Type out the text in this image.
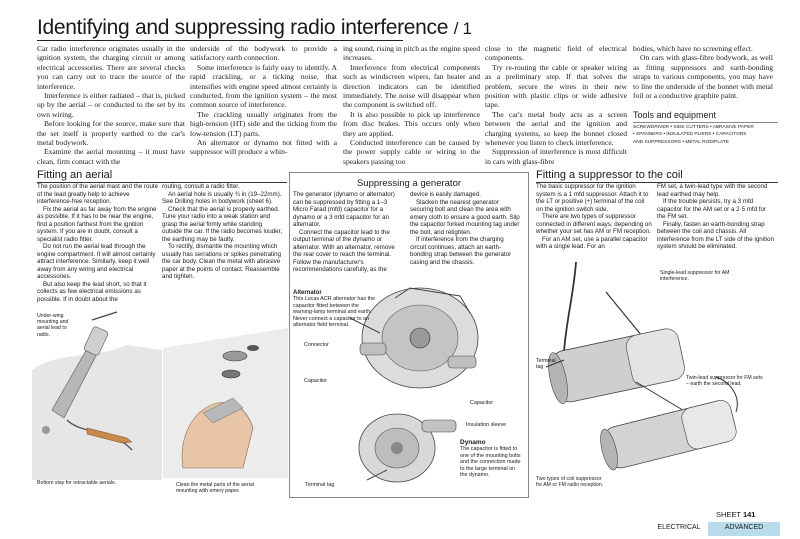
Identifying and suppressing radio interference / 1

Car radio interference originates usually in the ignition system, the charging circuit or among electrical accessories. There are several checks you can carry out to trace the source of the interference.

Interference is either radiated – that is, picked up by the aerial – or conducted to the set by its own wiring.

Before looking for the source, make sure that the set itself is properly earthed to the car's metal bodywork.

Examine the aerial mounting – it must have clean, firm contact with the

underside of the bodywork to provide a satisfactory earth connection.

Some interference is fairly easy to identify. A rapid crackling, or a ticking noise, that intensifies with engine speed almost certainly is conducted, from the ignition system – the most common source of interference.

The crackling usually originates from the high-tension (HT) side and the ticking from the low-tension (LT) parts.

An alternator or dynamo not fitted with a suppressor will produce a whin-

ing sound, rising in pitch as the engine speed increases.

Interference from electrical components such as windscreen wipers, fan heater and direction indicators can be identified immediately. The noise will disappear when the component is switched off.

It is also possible to pick up interference from disc brakes. This occurs only when they are applied.

Conducted interference can be caused by the power supply cable or wiring to the speakers passing too

close to the magnetic field of electrical components.

Try re-routing the cable or speaker wiring as a preliminary step. If that solves the problem, secure the wires in their new position with plastic clips or wide adhesive tape.

The car's metal body acts as a screen between the aerial and the ignition and charging systems, so keep the bonnet closed whenever you listen to check interference.

Suppression of interference is most difficult in cars with glass-fibre

bodies, which have no screening effect.

On cars with glass-fibre bodywork, as well as fitting suppressors and earth-bonding straps to various components, you may have to line the underside of the bonnet with metal foil or a conductive graphite paint.

Tools and equipment
SCREWDRIVER • SIDE CUTTERS • ABRASIVE PAPER
• SPANNERS • INSULATED PLIERS • CAPACITORS
AND SUPPRESSORS • METAL ROD/PLATE
Fitting an aerial

The position of the aerial mast and the route of the lead greatly help to achieve interference-free reception.

Fix the aerial as far away from the engine as possible. If it has to be near the engine, find a position farthest from the ignition system. If you are in doubt, consult a specialist radio fitter.

Do not run the aerial lead through the engine compartment. It will almost certainly attract interference. Similarly, keep it well away from any wiring and electrical accessories.

But also keep the lead short, so that it collects as few electrical emissions as possible. If in doubt about the

routing, consult a radio fitter.

An aerial hole is usually ¾ in (19–22mm). See Drilling holes in bodywork (sheet 6).

Check that the aerial is properly earthed. Tune your radio into a weak station and grasp the aerial firmly while standing outside the car. If the radio becomes louder, the earthing may be faulty.

To rectify, dismantle the mounting which usually has serrations or spikes penetrating the car body. Clean the metal with abrasive paper at the points of contact. Reassemble and tighten.

Under-wing mounting and aerial lead to radio.
Bottom stay for retractable aerials.	Clean the metal parts of the aerial mounting with emery paper.
Suppressing a generator

The generator (dynamo or alternator) can be suppressed by fitting a 1–3 Micro Farad (mfd) capacitor for a dynamo or a 3 mfd capacitor for an alternator.

Connect the capacitor lead to the output terminal of the dynamo or alternator. With an alternator, remove the rear cover to reach the terminal. Follow the manufacturer's recommendations carefully, as the

device is easily damaged.

Slacken the nearest generator securing bolt and clean the area with emery cloth to ensure a good earth. Slip the capacitor forked mounting tag under the bolt, and retighten.

If interference from the charging circuit continues, attach an earth-bonding strap between the generator casing and the chassis.

Alternator
This Lucas ACR alternator has the capacitor fitted between the warning-lamp terminal and earth. Never connect a capacitor to an alternator field terminal.
Connector
Capacitor
Capacitor
Insulation sleeve
Dynamo
The capacitor is fitted to one of the mounting bolts and the connection made to the large terminal on the dynamo.
Terminal tag
Fitting a suppressor to the coil

The basic suppressor for the ignition system is a 1 mfd suppressor. Attach it to the LT or positive (+) terminal of the coil on the ignition switch side.

There are two types of suppressor connected in different ways, depending on whether your set has AM or FM reception.

For an AM set, use a parallel capacitor with a single lead. For an

FM set, a twin-lead type with the second lead earthed may help.

If the trouble persists, try a 3 mfd capacitor for the AM set or a 2·5 mfd for the FM set.

Finally, fasten an earth-bonding strap between the coil and chassis. All interference from the LT side of the ignition system should be eliminated.

Single-lead suppressor for AM interference.
Terminal tag
Twin-lead suppressor for FM sets – earth the second lead.
Two types of coil suppressor for AM or FM radio reception.
SHEET 141
ELECTRICAL	ADVANCED
